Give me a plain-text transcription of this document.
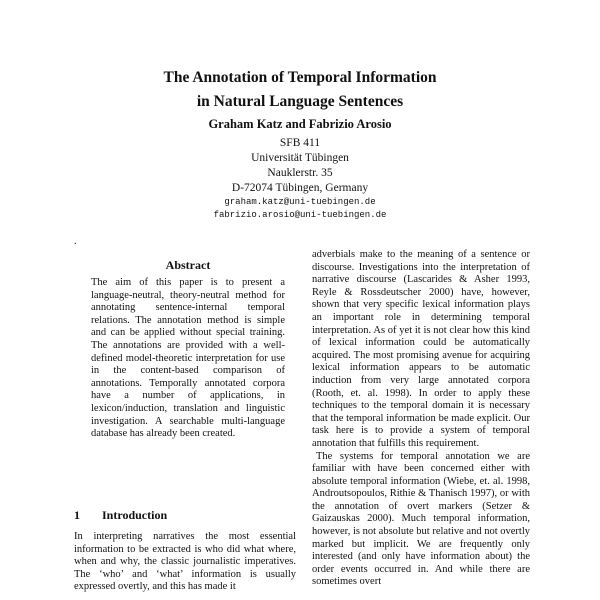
The Annotation of Temporal Information
in Natural Language Sentences
Graham Katz and Fabrizio Arosio
SFB 411
Universität Tübingen
Nauklerstr. 35
D-72074 Tübingen, Germany
graham.katz@uni-tuebingen.de
fabrizio.arosio@uni-tuebingen.de
.
Abstract
The aim of this paper is to present a language-neutral, theory-neutral method for annotating sentence-internal temporal relations. The annotation method is simple and can be applied without special training. The annotations are provided with a well-defined model-theoretic interpretation for use in the content-based comparison of annotations. Temporally annotated corpora have a number of applications, in lexicon/induction, translation and linguistic investigation. A searchable multi-language database has already been created.
1 Introduction
In interpreting narratives the most essential information to be extracted is who did what where, when and why, the classic journalistic imperatives. The ‘who’ and ‘what’ information is usually expressed overtly, and this has made it

adverbials make to the meaning of a sentence or discourse. Investigations into the interpretation of narrative discourse (Lascarides & Asher 1993, Reyle & Rossdeutscher 2000) have, however, shown that very specific lexical information plays an important role in determining temporal interpretation. As of yet it is not clear how this kind of lexical information could be automatically acquired. The most promising avenue for acquiring lexical information appears to be automatic induction from very large annotated corpora (Rooth, et. al. 1998). In order to apply these techniques to the temporal domain it is necessary that the temporal information be made explicit. Our task here is to provide a system of temporal annotation that fulfills this requirement.

The systems for temporal annotation we are familiar with have been concerned either with absolute temporal information (Wiebe, et. al. 1998, Androutsopoulos, Rithie & Thanisch 1997), or with the annotation of overt markers (Setzer & Gaizauskas 2000). Much temporal information, however, is not absolute but relative and not overtly marked but implicit. We are frequently only interested (and only have information about) the order events occurred in. And while there are sometimes overt
